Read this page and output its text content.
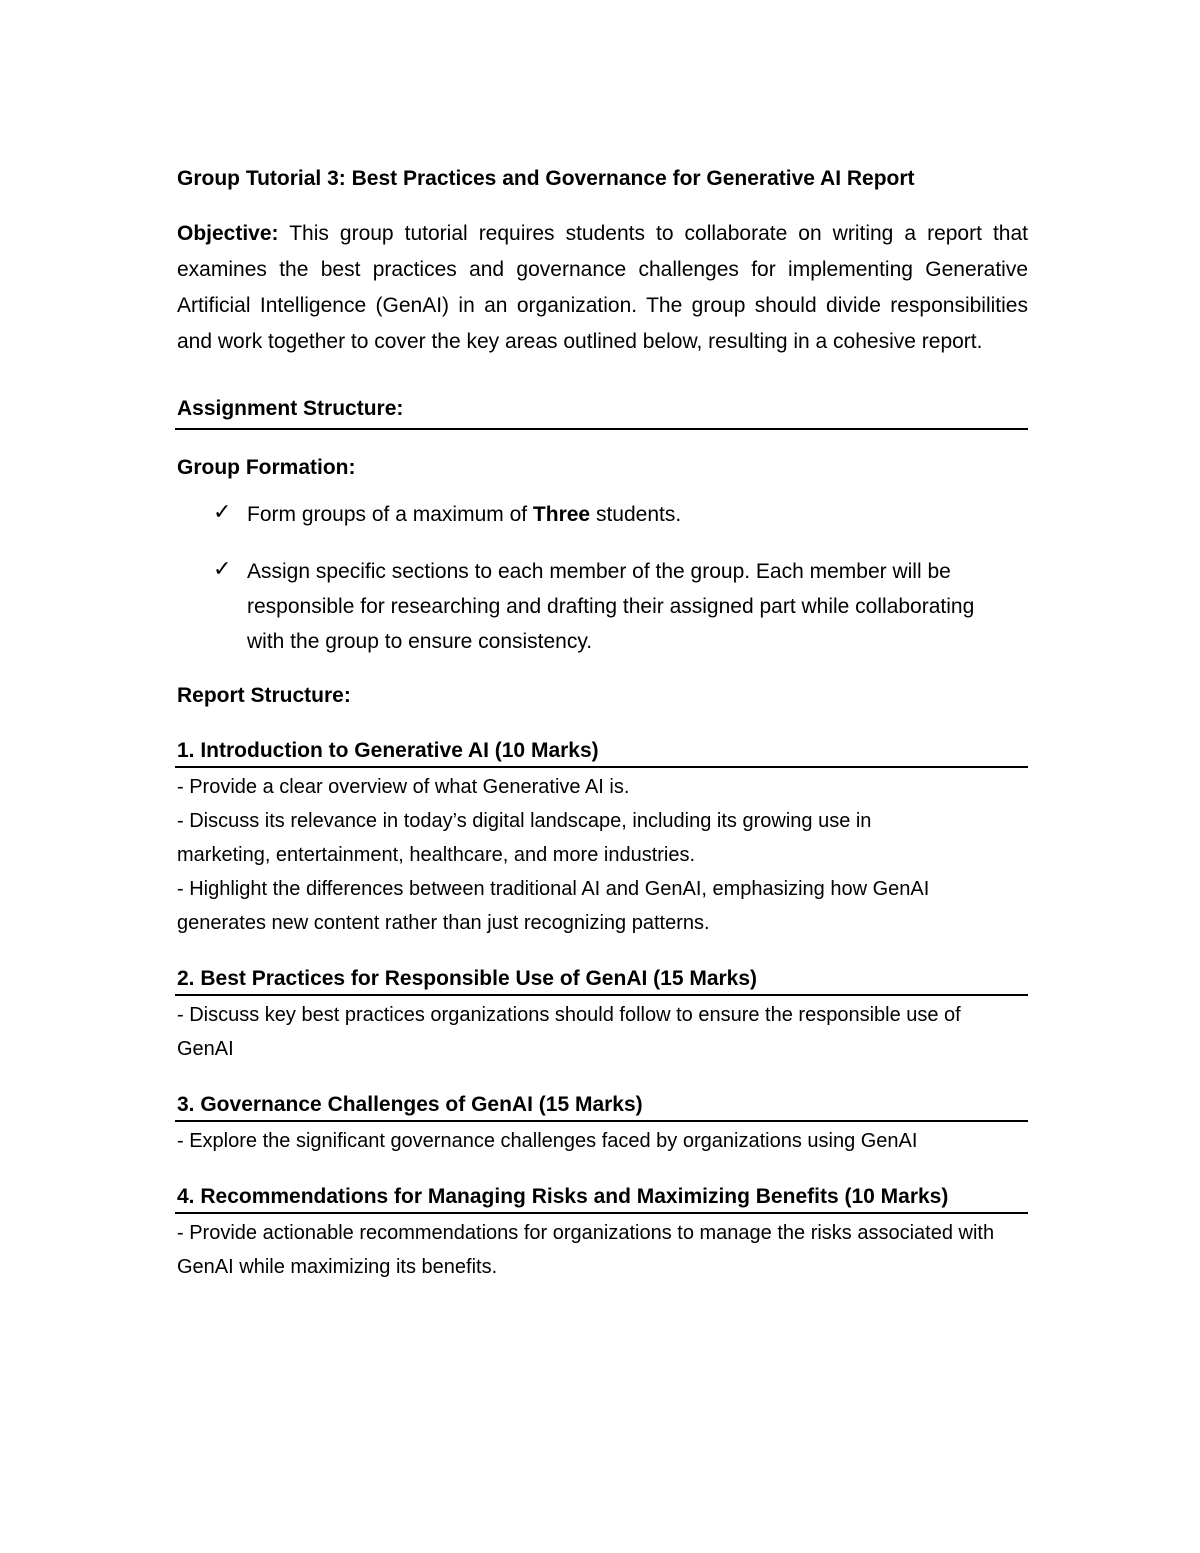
Group Tutorial 3: Best Practices and Governance for Generative AI Report

Objective: This group tutorial requires students to collaborate on writing a report that examines the best practices and governance challenges for implementing Generative Artificial Intelligence (GenAI) in an organization. The group should divide responsibilities and work together to cover the key areas outlined below, resulting in a cohesive report.

Assignment Structure:
Group Formation:
✓ Form groups of a maximum of Three students.
✓ Assign specific sections to each member of the group. Each member will be responsible for researching and drafting their assigned part while collaborating with the group to ensure consistency.
Report Structure:
1. Introduction to Generative AI (10 Marks)

- Provide a clear overview of what Generative AI is.

- Discuss its relevance in today’s digital landscape, including its growing use in marketing, entertainment, healthcare, and more industries.

- Highlight the differences between traditional AI and GenAI, emphasizing how GenAI generates new content rather than just recognizing patterns.

2. Best Practices for Responsible Use of GenAI (15 Marks)

- Discuss key best practices organizations should follow to ensure the responsible use of GenAI

3. Governance Challenges of GenAI (15 Marks)

- Explore the significant governance challenges faced by organizations using GenAI

4. Recommendations for Managing Risks and Maximizing Benefits (10 Marks)

- Provide actionable recommendations for organizations to manage the risks associated with GenAI while maximizing its benefits.
